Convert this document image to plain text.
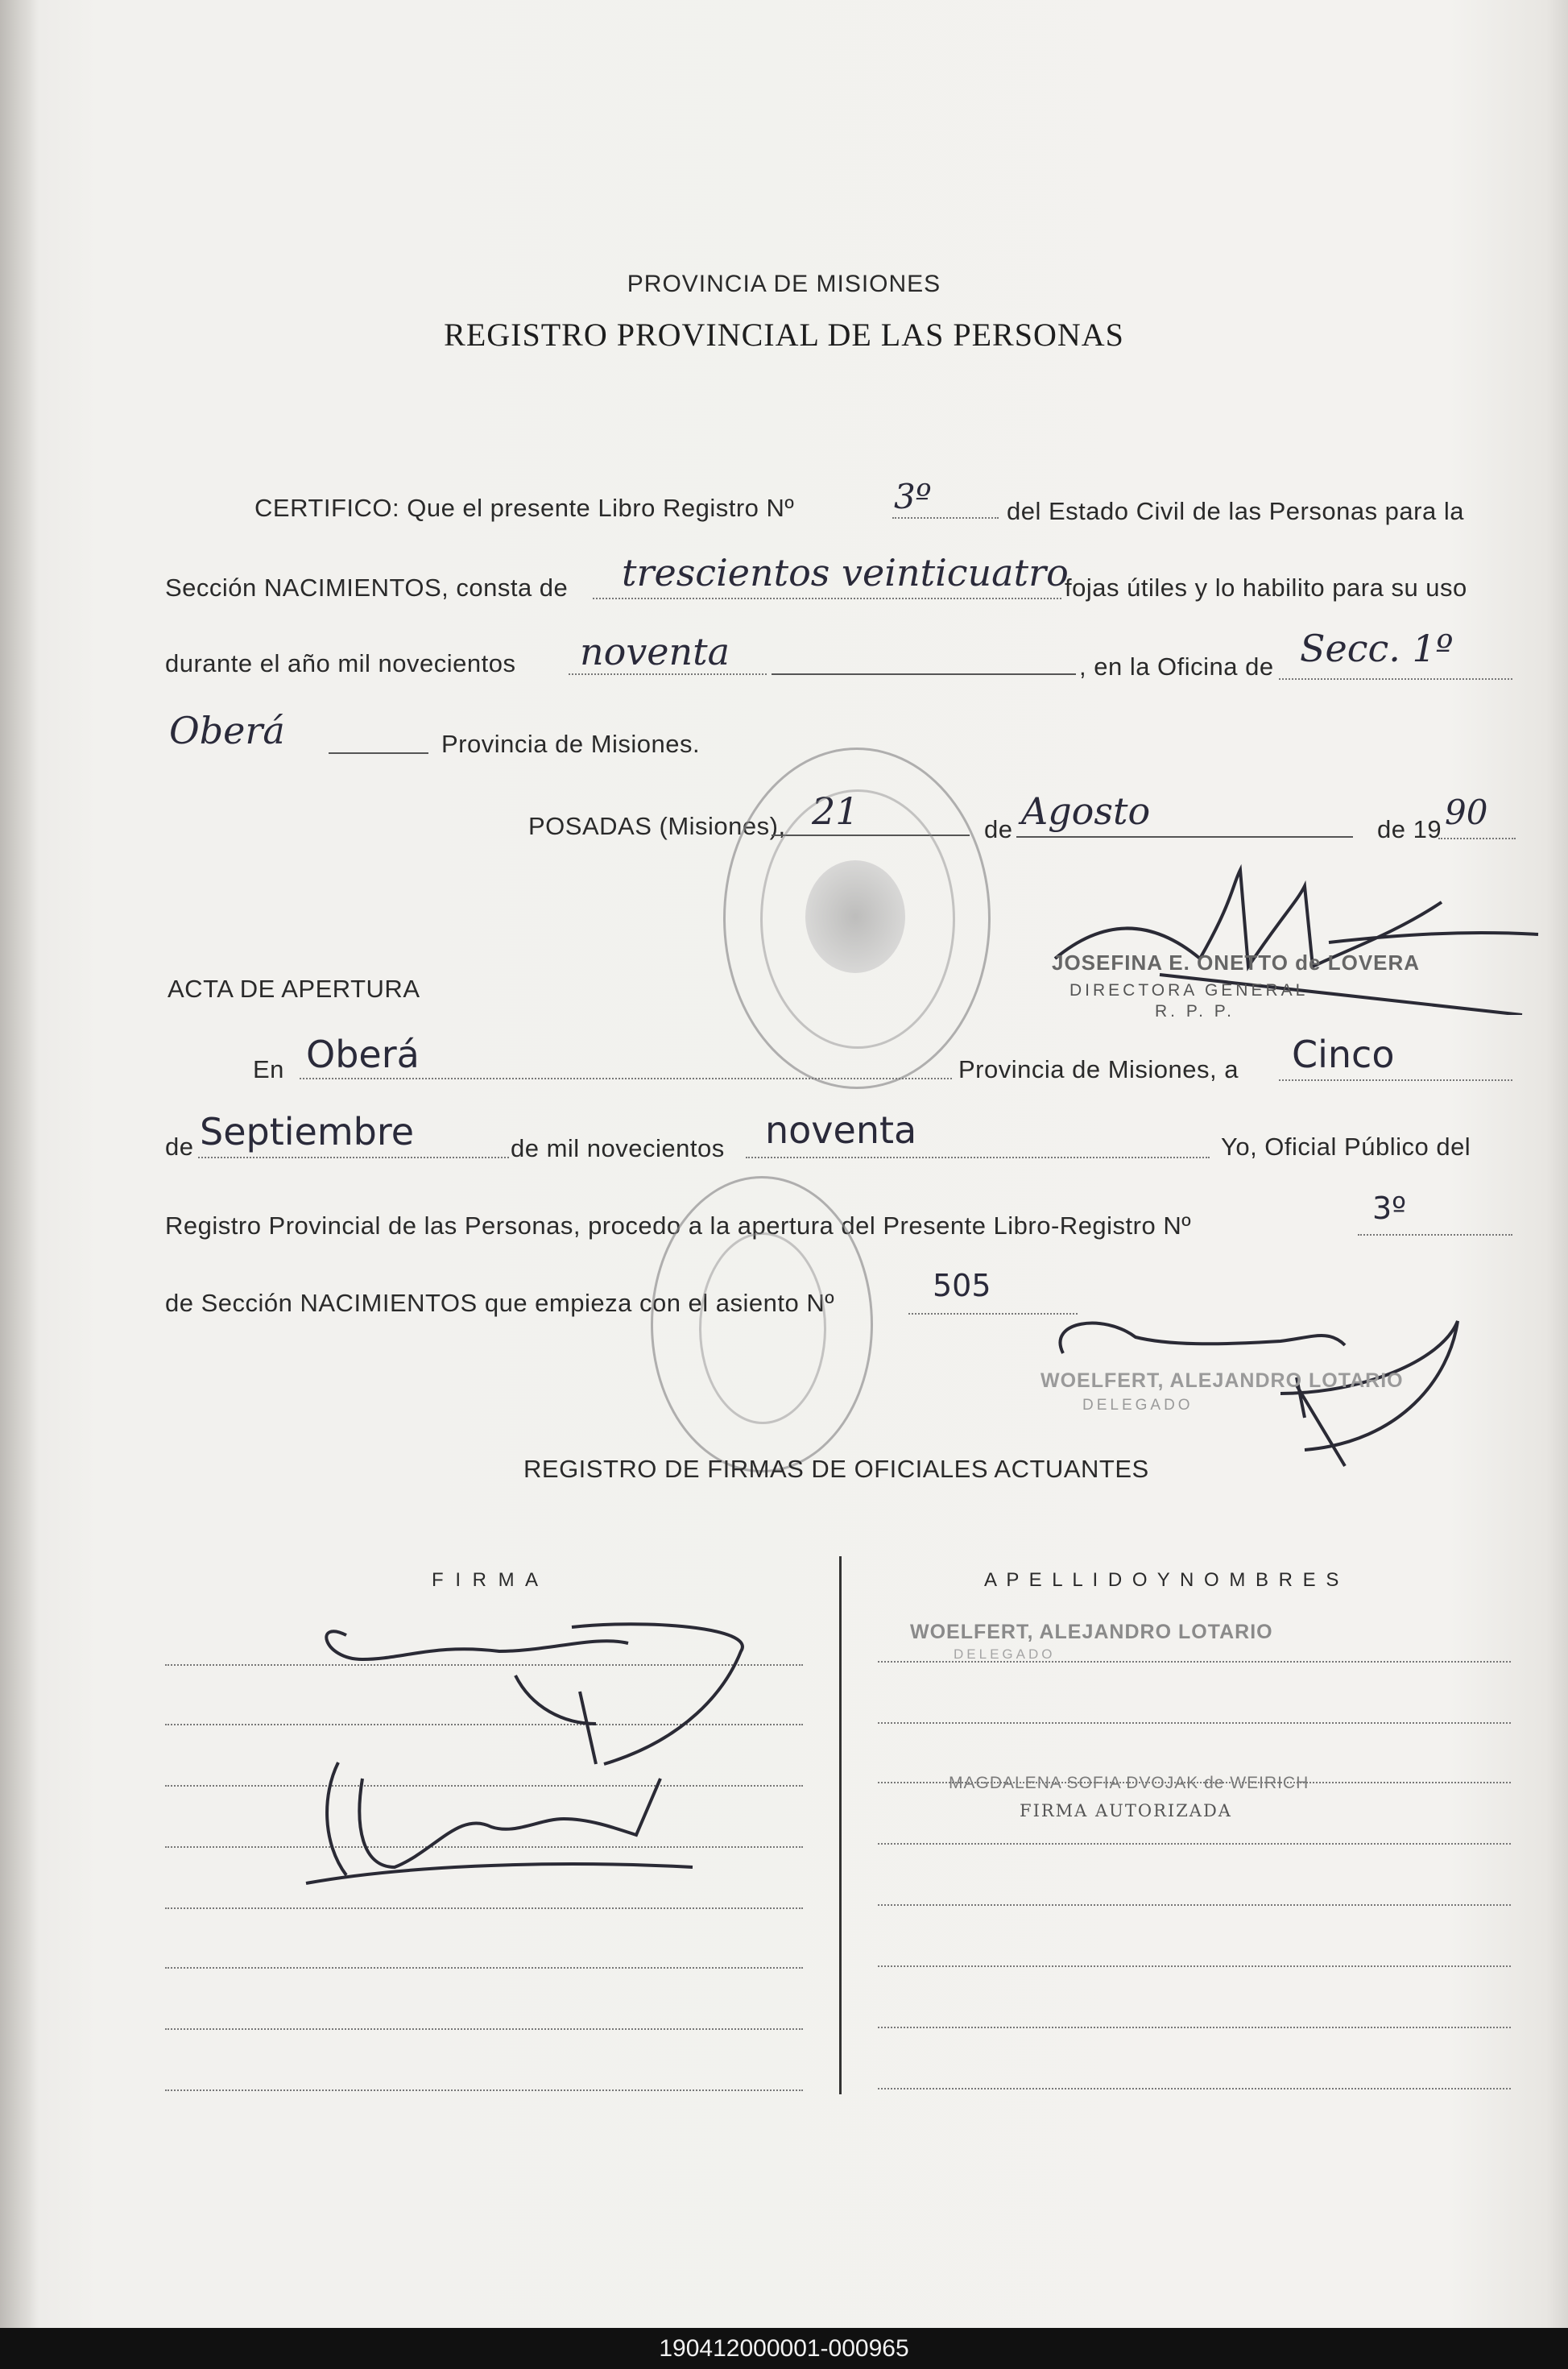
PROVINCIA DE MISIONES
REGISTRO PROVINCIAL DE LAS PERSONAS
CERTIFICO: Que el presente Libro Registro Nº	3º	del Estado Civil de las Personas para la
Sección NACIMIENTOS, consta de trescientos veinticuatro
fojas útiles y lo habilito para su uso
durante el año mil novecientos noventa	, en la Oficina de Secc. 1º
Oberá	Provincia de Misiones.
POSADAS (Misiones), 21	de Agosto	de 19 90
JOSEFINA E. ONETTO de LOVERA
DIRECTORA GENERAL
R. P. P.
ACTA DE APERTURA
En Oberá	Provincia de Misiones, a Cinco
de Septiembre	de mil novecientos noventa	Yo, Oficial Público del
Registro Provincial de las Personas, procedo a la apertura del Presente Libro-Registro Nº	3º
de Sección NACIMIENTOS que empieza con el asiento Nº	505
WOELFERT, ALEJANDRO LOTARIO
DELEGADO
REGISTRO DE FIRMAS DE OFICIALES ACTUANTES
F I R M A	A P E L L I D O Y N O M B R E S
WOELFERT, ALEJANDRO LOTARIO
DELEGADO
MAGDALENA SOFIA DVOJAK de WEIRICH
FIRMA AUTORIZADA
190412000001-000965
